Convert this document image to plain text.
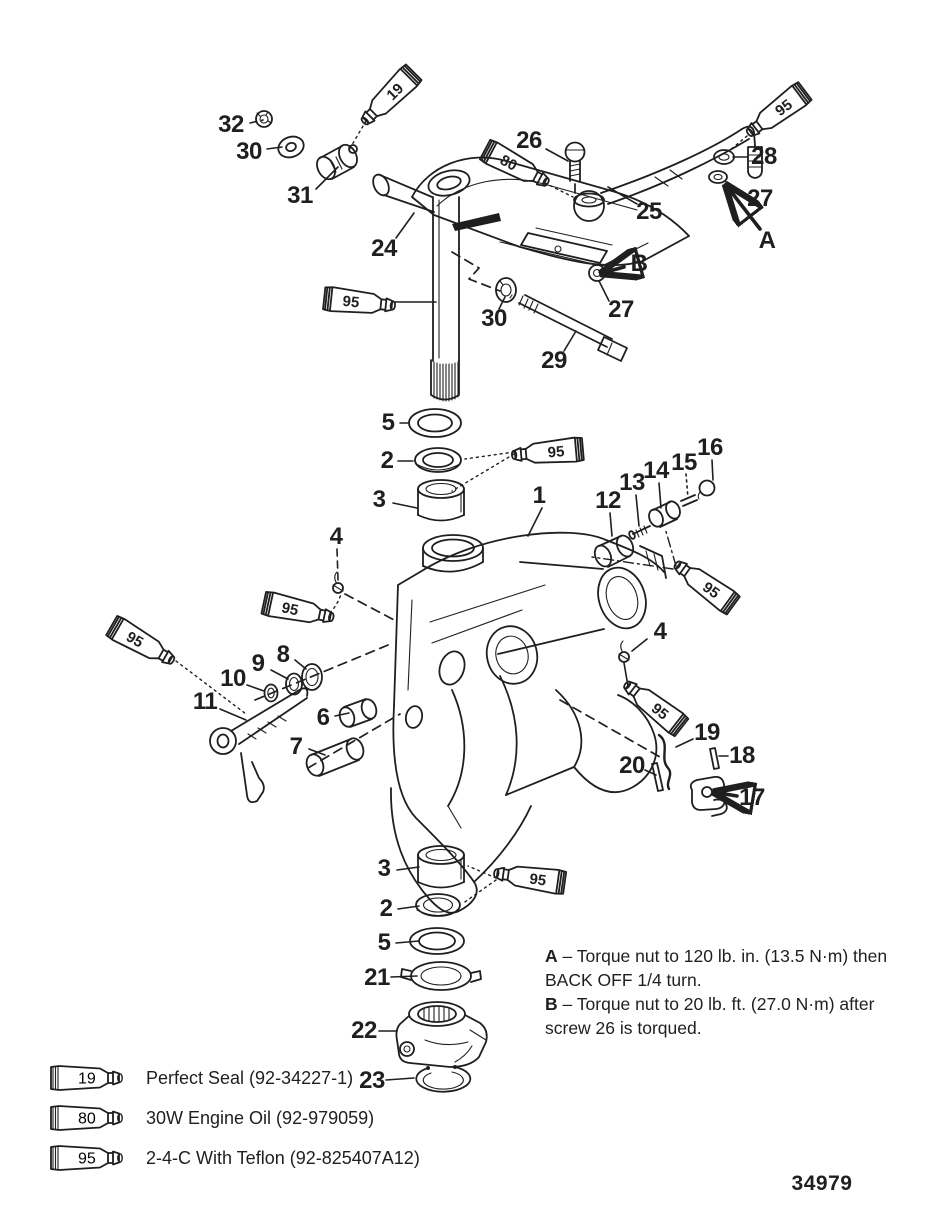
19
80
95
95
95
95
95
95
95
95
32
30
31
24
26
25
28
27
A
B
27
30
29
5
2
3	1 12
13
14 15
16
4
10
9 8
11
6
7
4
19
18
20
17
3
2
5
21
22
23
A – Torque nut to 120 lb. in. (13.5 N·m) then
BACK OFF 1/4 turn.
B – Torque nut to 20 lb. ft. (27.0 N·m) after
screw 26 is torqued.
19	Perfect Seal (92-34227-1)
80	30W Engine Oil (92-979059)
95	2-4-C With Teflon (92-825407A12)
34979
